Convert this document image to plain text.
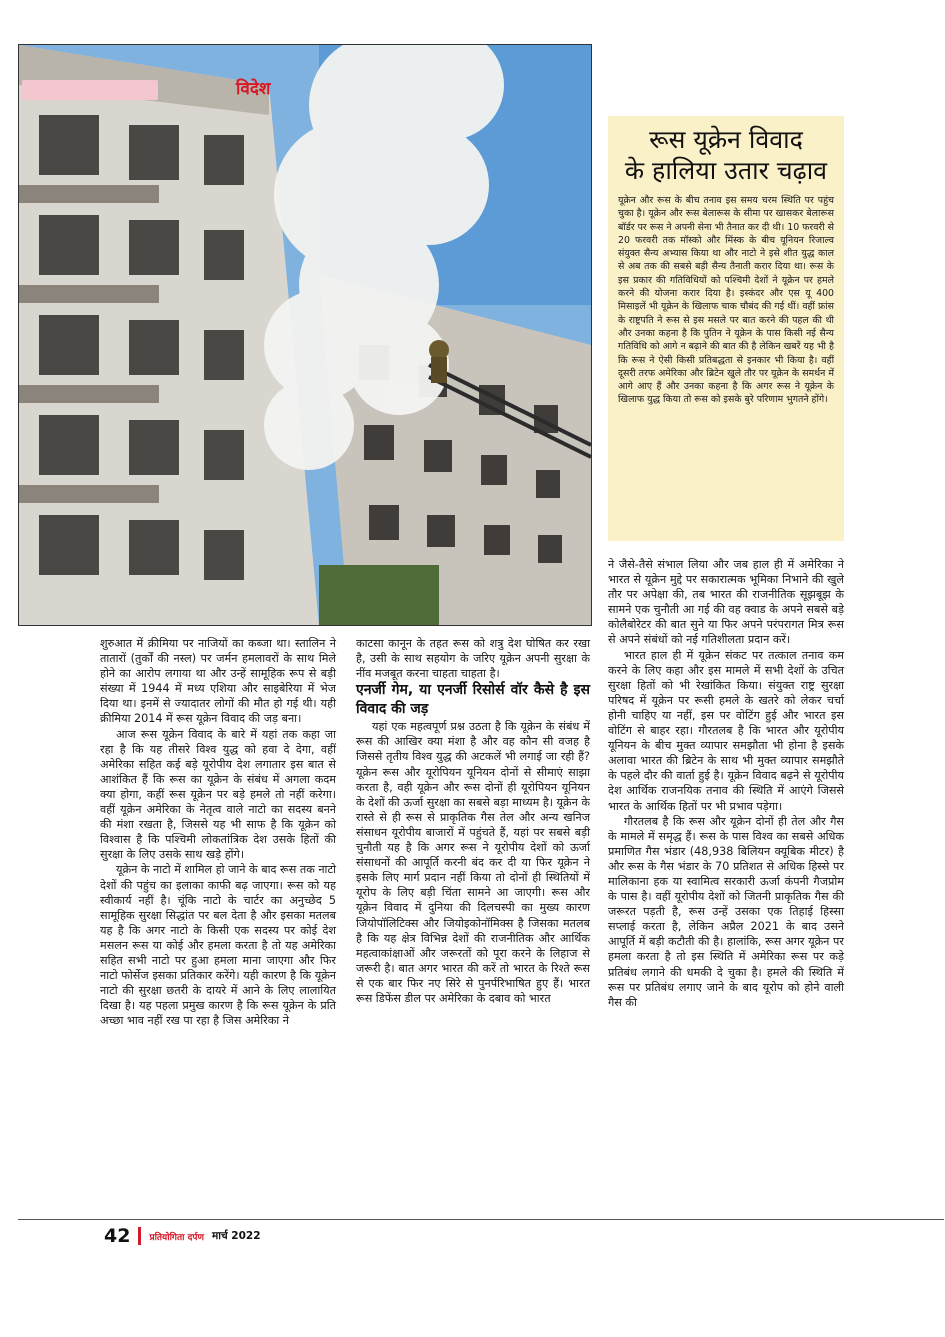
विदेश
रूस यूक्रेन विवाद
के हालिया उतार चढ़ाव

यूक्रेन और रूस के बीच तनाव इस समय चरम स्थिति पर पहुंच चुका है। यूक्रेन और रूस बेलारूस के सीमा पर खासकर बेलारूस बॉर्डर पर रूस ने अपनी सेना भी तैनात कर दी थी। 10 फरवरी से 20 फरवरी तक मॉस्को और मिंस्क के बीच यूनियन रिजाल्व संयुक्त सैन्य अभ्यास किया था और नाटो ने इसे शीत युद्ध काल से अब तक की सबसे बड़ी सैन्य तैनाती करार दिया था। रूस के इस प्रकार की गतिविधियों को पश्चिमी देशों ने यूक्रेन पर हमले करने की योजना करार दिया है। इस्कंदर और एस यू 400 मिसाइलें भी यूक्रेन के खिलाफ चाक चौबंद की गई थीं। वहीं फ्रांस के राष्ट्रपति ने रूस से इस मसले पर बात करने की पहल की थी और उनका कहना है कि पुतिन ने यूक्रेन के पास किसी नई सैन्य गतिविधि को आगे न बढ़ाने की बात की है लेकिन खबरें यह भी है कि रूस ने ऐसी किसी प्रतिबद्धता से इनकार भी किया है। वहीं दूसरी तरफ अमेरिका और ब्रिटेन खुले तौर पर यूक्रेन के समर्थन में आगे आए हैं और उनका कहना है कि अगर रूस ने यूक्रेन के खिलाफ युद्ध किया तो रूस को इसके बुरे परिणाम भुगतने होंगे।

शुरुआत में क्रीमिया पर नाजियों का कब्जा था। स्तालिन ने तातारों (तुर्कों की नस्ल) पर जर्मन हमलावरों के साथ मिले होने का आरोप लगाया था और उन्हें सामूहिक रूप से बड़ी संख्या में 1944 में मध्य एशिया और साइबेरिया में भेज दिया था। इनमें से ज्यादातर लोगों की मौत हो गई थी। यही क्रीमिया 2014 में रूस यूक्रेन विवाद की जड़ बना।

आज रूस यूक्रेन विवाद के बारे में यहां तक कहा जा रहा है कि यह तीसरे विश्व युद्ध को हवा दे देगा, वहीं अमेरिका सहित कई बड़े यूरोपीय देश लगातार इस बात से आशंकित हैं कि रूस का यूक्रेन के संबंध में अगला कदम क्या होगा, कहीं रूस यूक्रेन पर बड़े हमले तो नहीं करेगा। वहीं यूक्रेन अमेरिका के नेतृत्व वाले नाटो का सदस्य बनने की मंशा रखता है, जिससे यह भी साफ है कि यूक्रेन को विश्वास है कि पश्चिमी लोकतांत्रिक देश उसके हितों की सुरक्षा के लिए उसके साथ खड़े होंगे।

यूक्रेन के नाटो में शामिल हो जाने के बाद रूस तक नाटो देशों की पहुंच का इलाका काफी बढ़ जाएगा। रूस को यह स्वीकार्य नहीं है। चूंकि नाटो के चार्टर का अनुच्छेद 5 सामूहिक सुरक्षा सिद्धांत पर बल देता है और इसका मतलब यह है कि अगर नाटो के किसी एक सदस्य पर कोई देश मसलन रूस या कोई और हमला करता है तो यह अमेरिका सहित सभी नाटो पर हुआ हमला माना जाएगा और फिर नाटो फोर्सेज इसका प्रतिकार करेंगे। यही कारण है कि यूक्रेन नाटो की सुरक्षा छतरी के दायरे में आने के लिए लालायित दिखा है। यह पहला प्रमुख कारण है कि रूस यूक्रेन के प्रति अच्छा भाव नहीं रख पा रहा है जिस अमेरिका ने

काटसा कानून के तहत रूस को शत्रु देश घोषित कर रखा है, उसी के साथ सहयोग के जरिए यूक्रेन अपनी सुरक्षा के नींव मजबूत करना चाहता चाहता है।

एनर्जी गेम, या एनर्जी रिसोर्स वॉर कैसे है इस विवाद की जड़

यहां एक महत्वपूर्ण प्रश्न उठता है कि यूक्रेन के संबंध में रूस की आखिर क्या मंशा है और वह कौन सी वजह है जिससे तृतीय विश्व युद्ध की अटकलें भी लगाई जा रही हैं? यूक्रेन रूस और यूरोपियन यूनियन दोनों से सीमाएं साझा करता है, वही यूक्रेन और रूस दोनों ही यूरोपियन यूनियन के देशों की ऊर्जा सुरक्षा का सबसे बड़ा माध्यम है। यूक्रेन के रास्ते से ही रूस से प्राकृतिक गैस तेल और अन्य खनिज संसाधन यूरोपीय बाजारों में पहुंचते हैं, यहां पर सबसे बड़ी चुनौती यह है कि अगर रूस ने यूरोपीय देशों को ऊर्जा संसाधनों की आपूर्ति करनी बंद कर दी या फिर यूक्रेन ने इसके लिए मार्ग प्रदान नहीं किया तो दोनों ही स्थितियों में यूरोप के लिए बड़ी चिंता सामने आ जाएगी। रूस और यूक्रेन विवाद में दुनिया की दिलचस्पी का मुख्य कारण जियोपॉलिटिक्स और जियोइकोनॉमिक्स है जिसका मतलब है कि यह क्षेत्र विभिन्न देशों की राजनीतिक और आर्थिक महत्वाकांक्षाओं और जरूरतों को पूरा करने के लिहाज से जरूरी है। बात अगर भारत की करें तो भारत के रिश्ते रूस से एक बार फिर नए सिरे से पुनर्परिभाषित हुए हैं। भारत रूस डिफेंस डील पर अमेरिका के दबाव को भारत

ने जैसे-तैसे संभाल लिया और जब हाल ही में अमेरिका ने भारत से यूक्रेन मुद्दे पर सकारात्मक भूमिका निभाने की खुले तौर पर अपेक्षा की, तब भारत की राजनीतिक सूझबूझ के सामने एक चुनौती आ गई की वह क्वाड के अपने सबसे बड़े कोलैबोरेटर की बात सुने या फिर अपने परंपरागत मित्र रूस से अपने संबंधों को नई गतिशीलता प्रदान करें।

भारत हाल ही में यूक्रेन संकट पर तत्काल तनाव कम करने के लिए कहा और इस मामले में सभी देशों के उचित सुरक्षा हितों को भी रेखांकित किया। संयुक्त राष्ट्र सुरक्षा परिषद में यूक्रेन पर रूसी हमले के खतरे को लेकर चर्चा होनी चाहिए या नहीं, इस पर वोटिंग हुई और भारत इस वोटिंग से बाहर रहा। गौरतलब है कि भारत और यूरोपीय यूनियन के बीच मुक्त व्यापार समझौता भी होना है इसके अलावा भारत की ब्रिटेन के साथ भी मुक्त व्यापार समझौते के पहले दौर की वार्ता हुई है। यूक्रेन विवाद बढ़ने से यूरोपीय देश आर्थिक राजनयिक तनाव की स्थिति में आएंगे जिससे भारत के आर्थिक हितों पर भी प्रभाव पड़ेगा।

गौरतलब है कि रूस और यूक्रेन दोनों ही तेल और गैस के मामले में समृद्ध हैं। रूस के पास विश्व का सबसे अधिक प्रमाणित गैस भंडार (48,938 बिलियन क्यूबिक मीटर) है और रूस के गैस भंडार के 70 प्रतिशत से अधिक हिस्से पर मालिकाना हक या स्वामित्व सरकारी ऊर्जा कंपनी गैजप्रोम के पास है। वहीं यूरोपीय देशों को जितनी प्राकृतिक गैस की जरूरत पड़ती है, रूस उन्हें उसका एक तिहाई हिस्सा सप्लाई करता है, लेकिन अप्रैल 2021 के बाद उसने आपूर्ति में बड़ी कटौती की है। हालांकि, रूस अगर यूक्रेन पर हमला करता है तो इस स्थिति में अमेरिका रूस पर कड़े प्रतिबंध लगाने की धमकी दे चुका है। हमले की स्थिति में रूस पर प्रतिबंध लगाए जाने के बाद यूरोप को होने वाली गैस की

42 प्रतियोगिता दर्पण मार्च 2022
